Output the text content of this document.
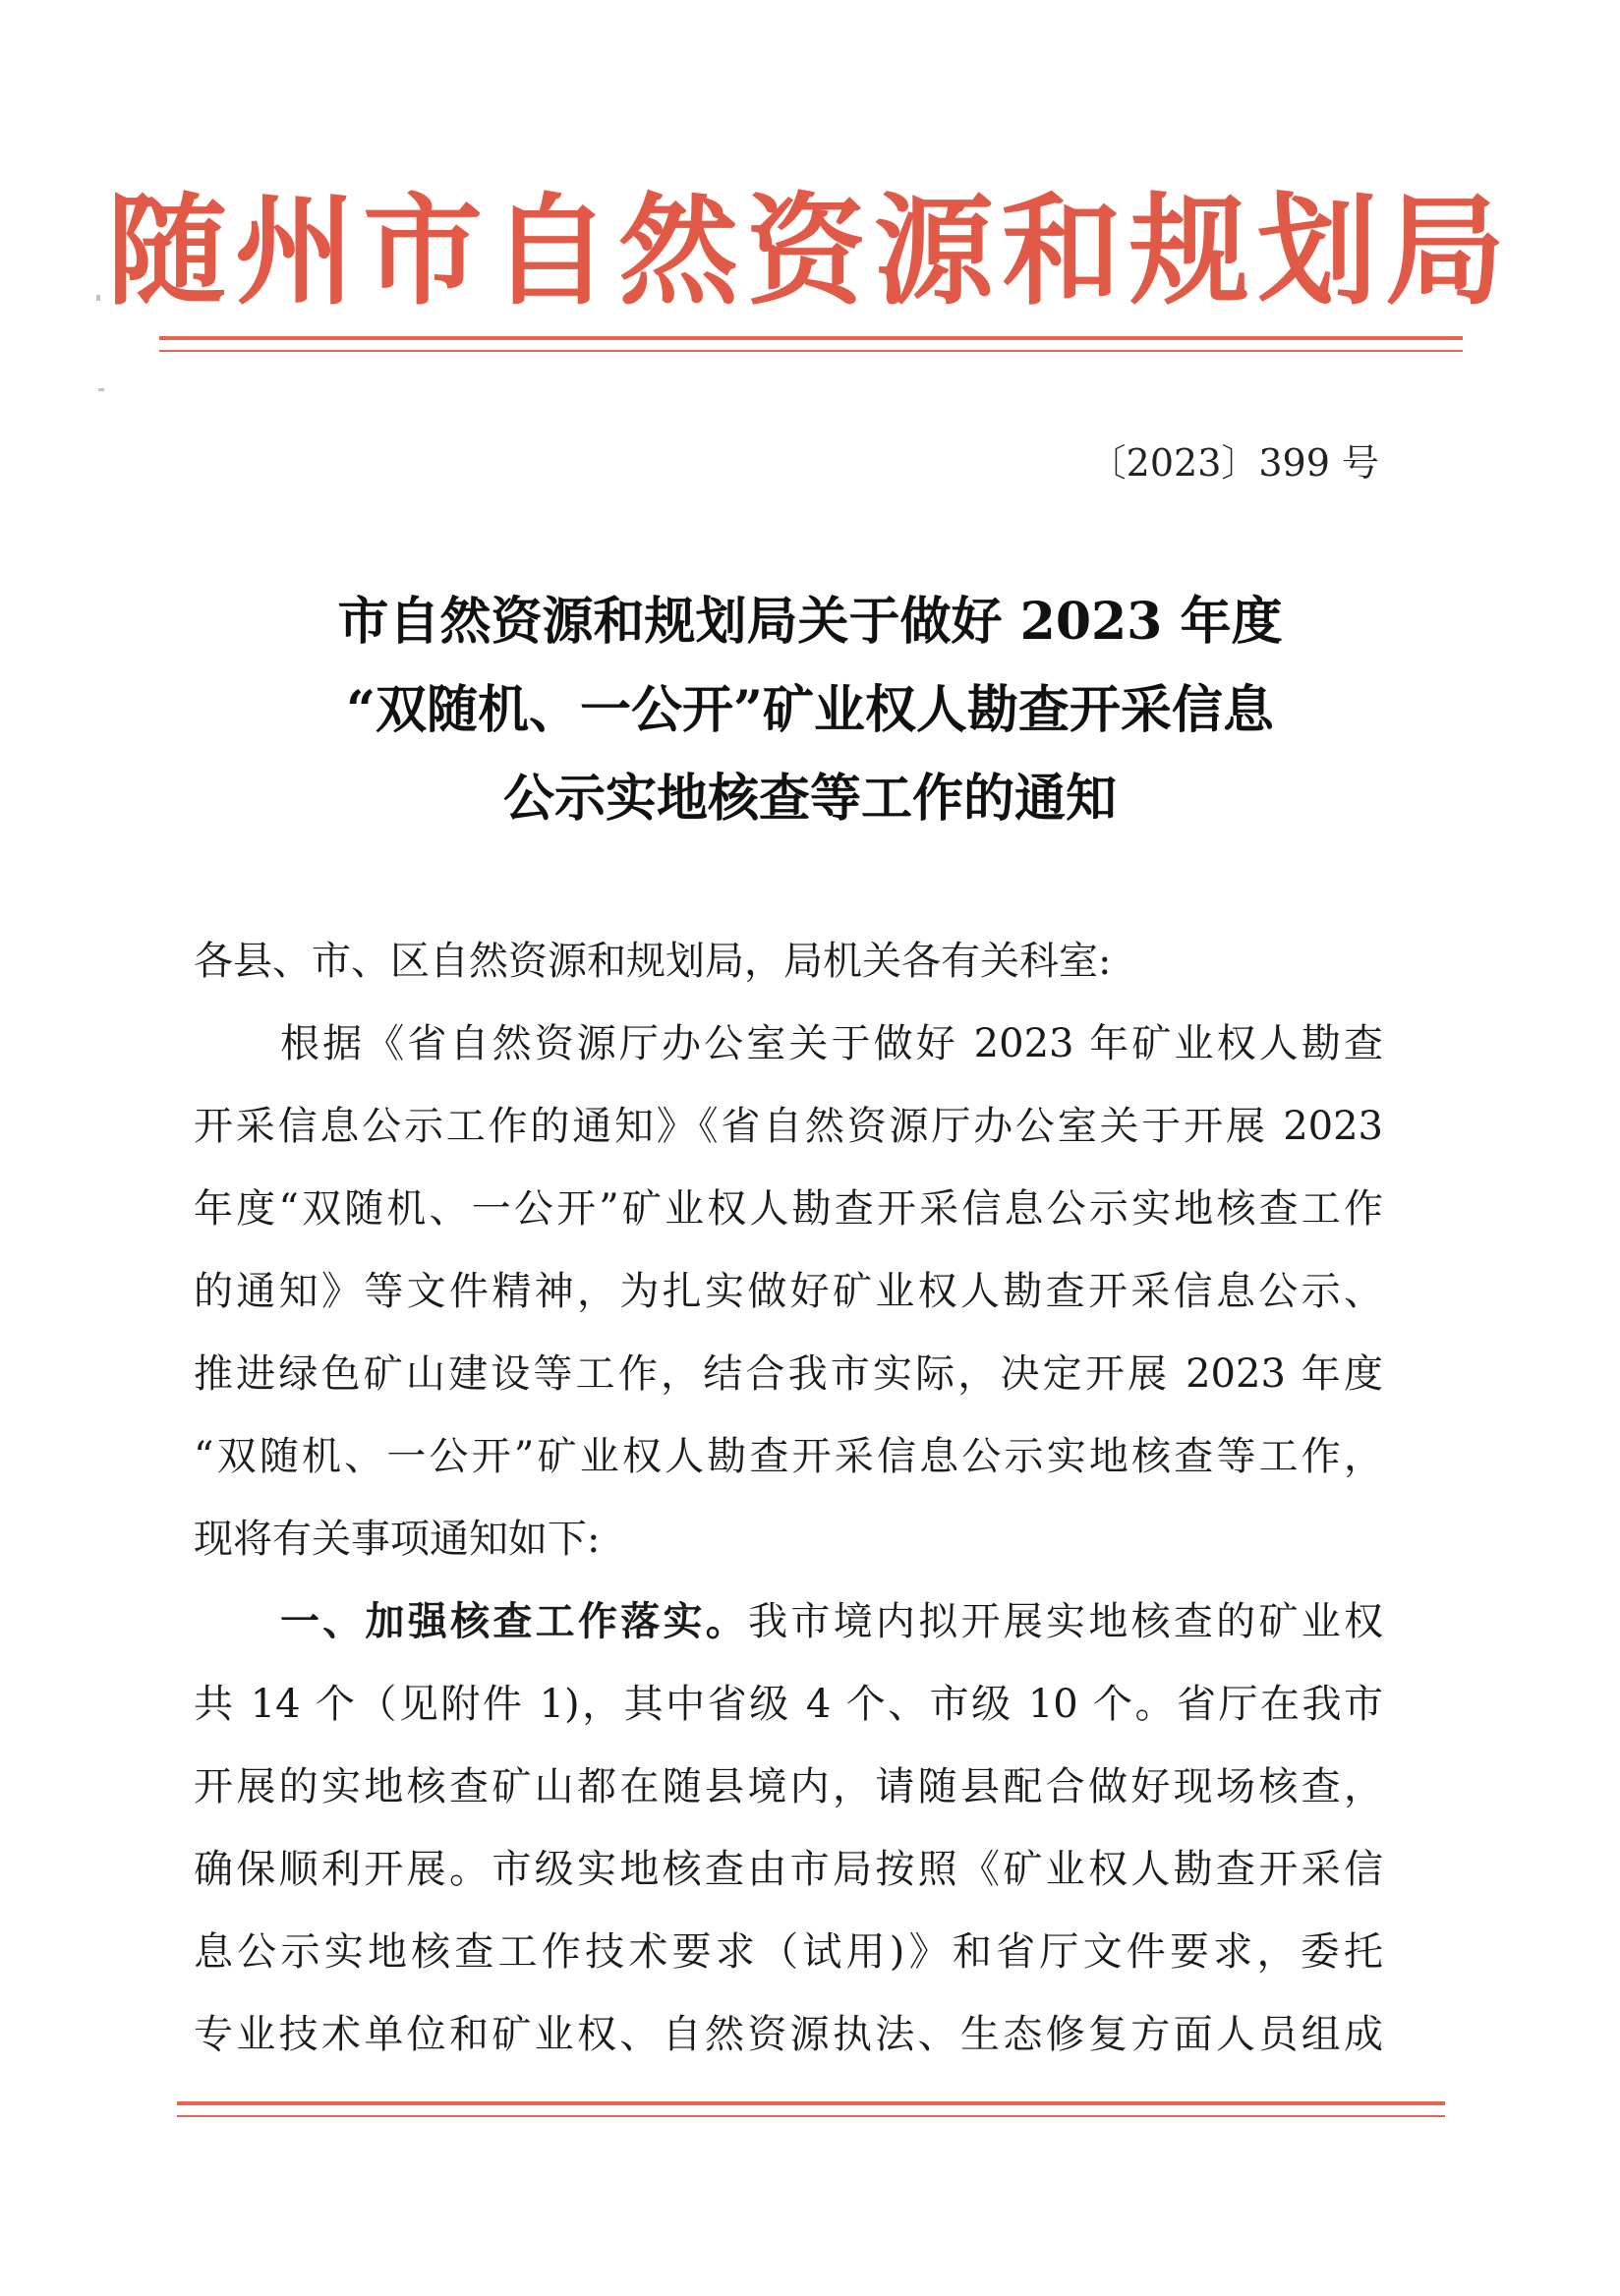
随州市自然资源和规划局
〔2023〕399 号
市自然资源和规划局关于做好 2023 年度
“双随机、一公开”矿业权人勘查开采信息
公示实地核查等工作的通知
各县、市、区自然资源和规划局，局机关各有关科室:
根据《省自然资源厅办公室关于做好 2023 年矿业权人勘查
开采信息公示工作的通知》《省自然资源厅办公室关于开展 2023
年度“双随机、一公开”矿业权人勘查开采信息公示实地核查工作
的通知》等文件精神，为扎实做好矿业权人勘查开采信息公示、
推进绿色矿山建设等工作，结合我市实际，决定开展 2023 年度
“双随机、一公开”矿业权人勘查开采信息公示实地核查等工作，
现将有关事项通知如下:
一、加强核查工作落实。我市境内拟开展实地核查的矿业权
共 14 个（见附件 1)，其中省级 4 个、市级 10 个。省厅在我市
开展的实地核查矿山都在随县境内，请随县配合做好现场核查，
确保顺利开展。市级实地核查由市局按照《矿业权人勘查开采信
息公示实地核查工作技术要求（试用)》和省厅文件要求，委托
专业技术单位和矿业权、自然资源执法、生态修复方面人员组成
